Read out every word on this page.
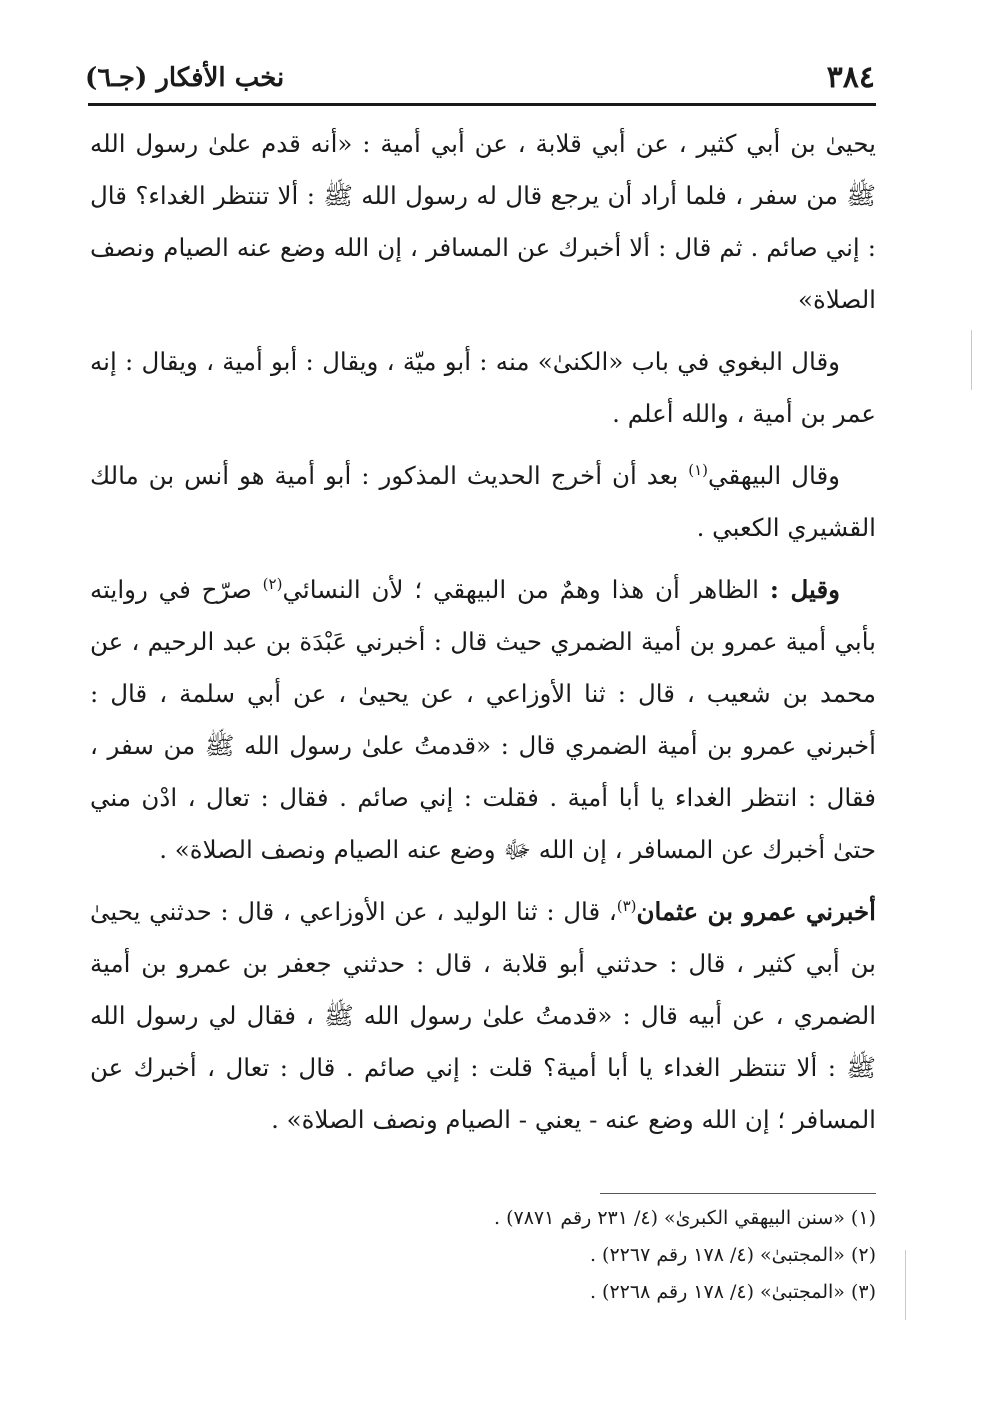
٣٨٤
نخب الأفكار (جـ٦)

يحيىٰ بن أبي كثير ، عن أبي قلابة ، عن أبي أمية : «أنه قدم علىٰ رسول الله ﷺ من سفر ، فلما أراد أن يرجع قال له رسول الله ﷺ : ألا تنتظر الغداء؟ قال : إني صائم . ثم قال : ألا أخبرك عن المسافر ، إن الله وضع عنه الصيام ونصف الصلاة»

وقال البغوي في باب «الكنىٰ» منه : أبو ميّة ، ويقال : أبو أمية ، ويقال : إنه عمر بن أمية ، والله أعلم .

وقال البيهقي$^{(١)}$ بعد أن أخرج الحديث المذكور : أبو أمية هو أنس بن مالك القشيري الكعبي .

وقيل : الظاهر أن هذا وهمٌ من البيهقي ؛ لأن النسائي$^{(٢)}$ صرّح في روايته بأبي أمية عمرو بن أمية الضمري حيث قال : أخبرني عَبْدَة بن عبد الرحيم ، عن محمد بن شعيب ، قال : ثنا الأوزاعي ، عن يحيىٰ ، عن أبي سلمة ، قال : أخبرني عمرو بن أمية الضمري قال : «قدمتُ علىٰ رسول الله ﷺ من سفر ، فقال : انتظر الغداء يا أبا أمية . فقلت : إني صائم . فقال : تعال ، ادْن مني حتىٰ أخبرك عن المسافر ، إن الله ﷻ وضع عنه الصيام ونصف الصلاة» .

أخبرني عمرو بن عثمان$^{(٣)}$، قال : ثنا الوليد ، عن الأوزاعي ، قال : حدثني يحيىٰ بن أبي كثير ، قال : حدثني أبو قلابة ، قال : حدثني جعفر بن عمرو بن أمية الضمري ، عن أبيه قال : «قدمتُ علىٰ رسول الله ﷺ ، فقال لي رسول الله ﷺ : ألا تنتظر الغداء يا أبا أمية؟ قلت : إني صائم . قال : تعال ، أخبرك عن المسافر ؛ إن الله وضع عنه - يعني - الصيام ونصف الصلاة» .

(١) «سنن البيهقي الكبرىٰ» (٤/ ٢٣١ رقم ٧٨٧١) .
(٢) «المجتبىٰ» (٤/ ١٧٨ رقم ٢٢٦٧) .
(٣) «المجتبىٰ» (٤/ ١٧٨ رقم ٢٢٦٨) .
